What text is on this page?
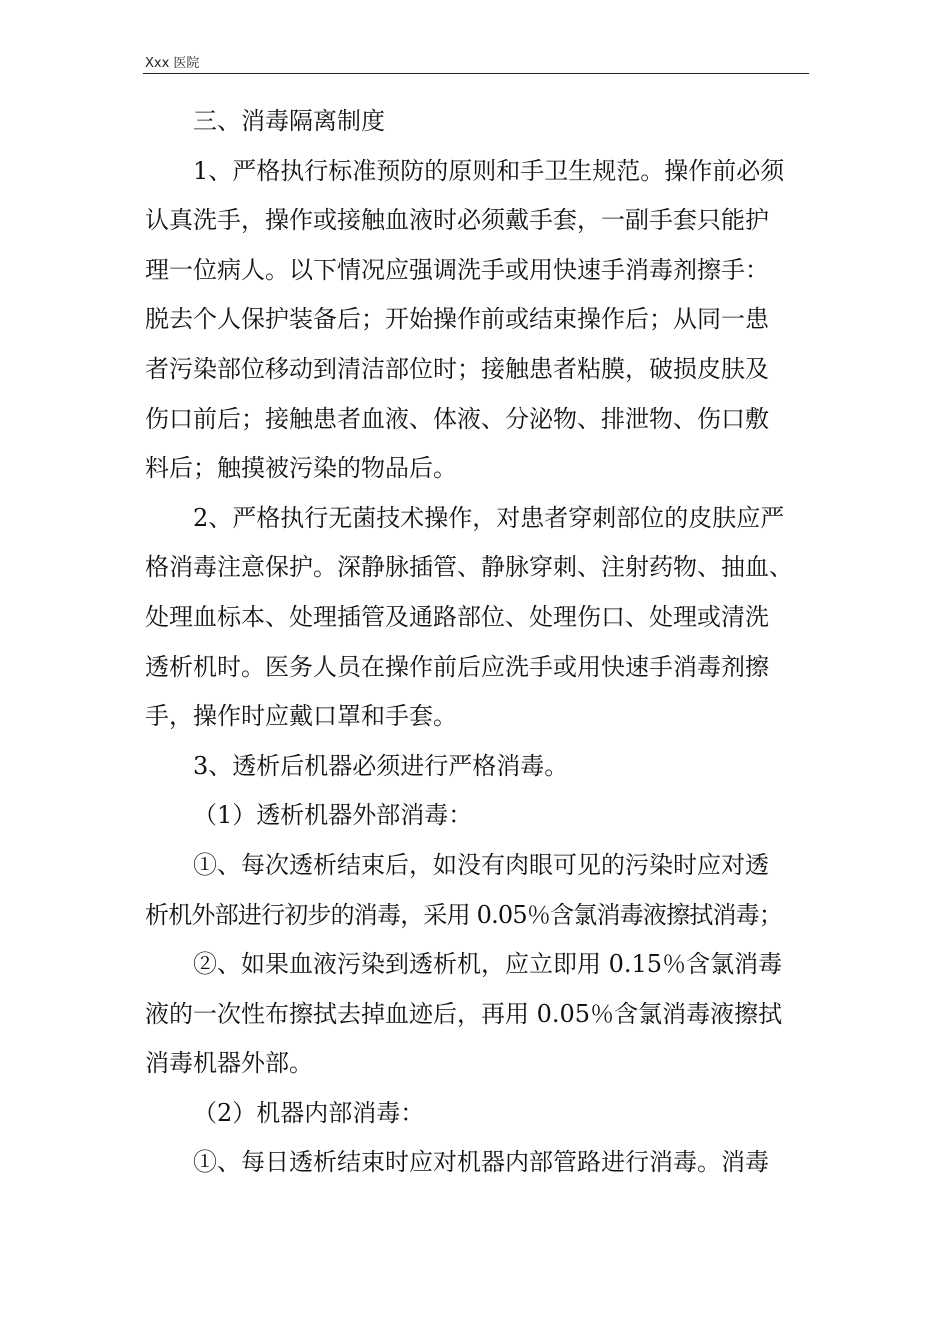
Xxx 医院
三、消毒隔离制度
1、严格执行标准预防的原则和手卫生规范。操作前必须
认真洗手，操作或接触血液时必须戴手套，一副手套只能护
理一位病人。以下情况应强调洗手或用快速手消毒剂擦手：
脱去个人保护装备后；开始操作前或结束操作后；从同一患
者污染部位移动到清洁部位时；接触患者粘膜，破损皮肤及
伤口前后；接触患者血液、体液、分泌物、排泄物、伤口敷
料后；触摸被污染的物品后。
2、严格执行无菌技术操作，对患者穿刺部位的皮肤应严
格消毒注意保护。深静脉插管、静脉穿刺、注射药物、抽血、
处理血标本、处理插管及通路部位、处理伤口、处理或清洗
透析机时。医务人员在操作前后应洗手或用快速手消毒剂擦
手，操作时应戴口罩和手套。
3、透析后机器必须进行严格消毒。
（1）透析机器外部消毒：
①、每次透析结束后，如没有肉眼可见的污染时应对透
析机外部进行初步的消毒，采用 0.05％含氯消毒液擦拭消毒；
②、如果血液污染到透析机，应立即用 0.15％含氯消毒
液的一次性布擦拭去掉血迹后，再用 0.05％含氯消毒液擦拭
消毒机器外部。
（2）机器内部消毒：
①、每日透析结束时应对机器内部管路进行消毒。消毒
